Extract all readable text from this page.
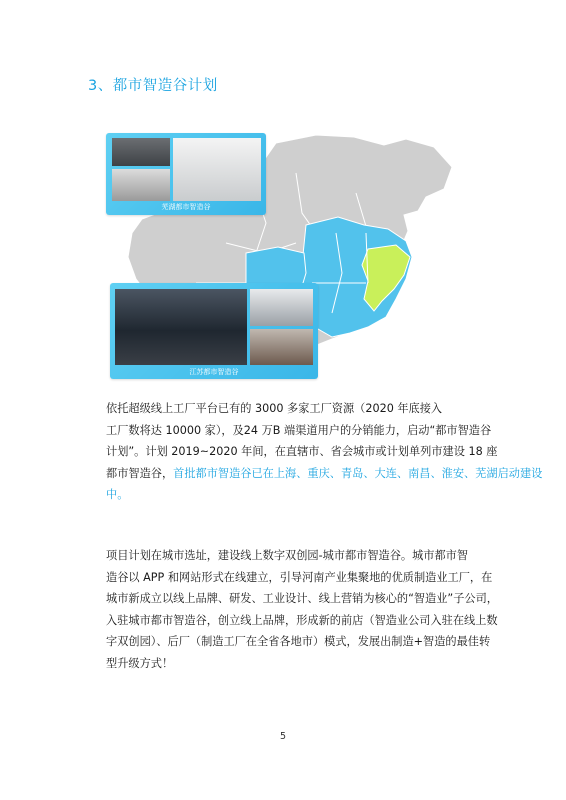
3、都市智造谷计划
芜湖都市智造谷
江苏都市智造谷

依托超级线上工厂平台已有的 3000 多家工厂资源（2020 年底接入

工厂数将达 10000 家），及24 万B 端渠道用户的分销能力，启动“都市智造谷

计划”。计划 2019~2020 年间，在直辖市、省会城市或计划单列市建设 18 座

都市智造谷，首批都市智造谷已在上海、重庆、青岛、大连、南昌、淮安、芜湖启动建设

中。

项目计划在城市选址，建设线上数字双创园-城市都市智造谷。城市都市智

造谷以 APP 和网站形式在线建立，引导河南产业集聚地的优质制造业工厂，在

城市新成立以线上品牌、研发、工业设计、线上营销为核心的“智造业”子公司，

入驻城市都市智造谷，创立线上品牌，形成新的前店（智造业公司入驻在线上数

字双创园）、后厂（制造工厂在全省各地市）模式，发展出制造+智造的最佳转

型升级方式！

5
